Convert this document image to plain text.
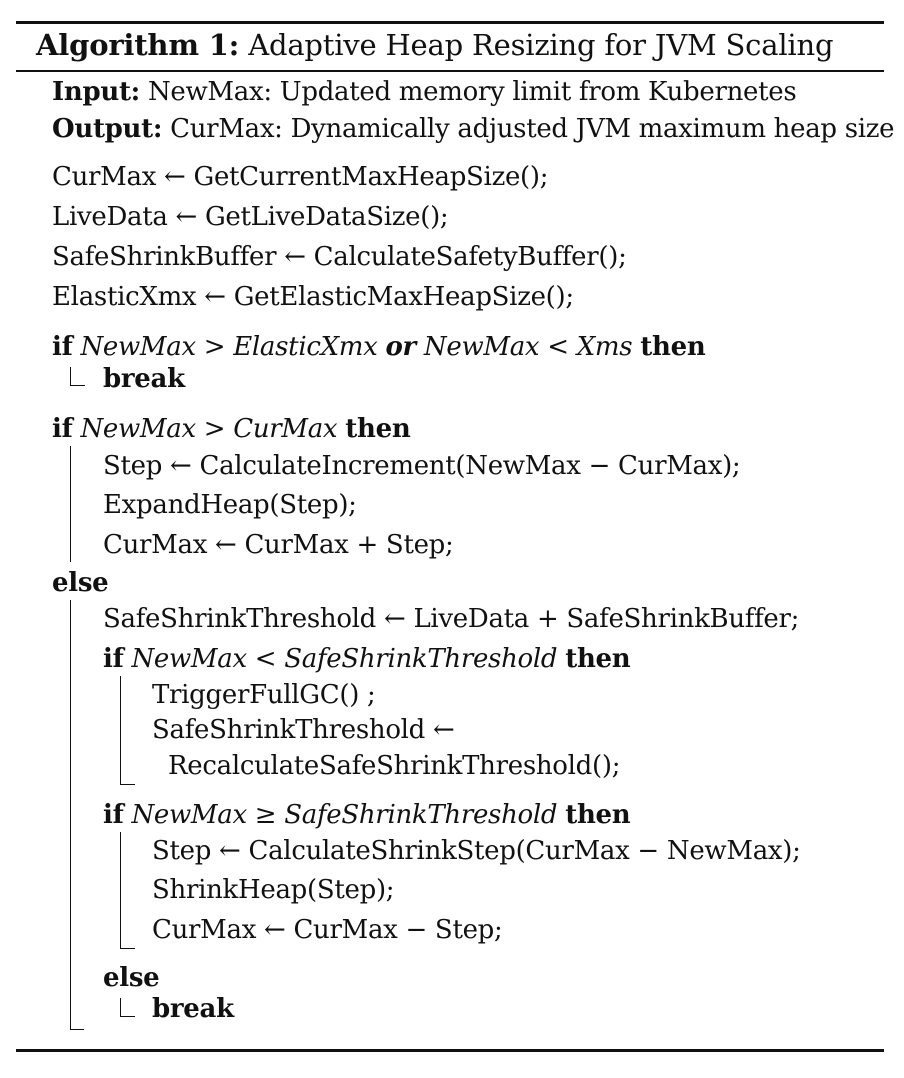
Algorithm 1: Adaptive Heap Resizing for JVM Scaling
Input: NewMax: Updated memory limit from Kubernetes
Output: CurMax: Dynamically adjusted JVM maximum heap size
CurMax ← GetCurrentMaxHeapSize();
LiveData ← GetLiveDataSize();
SafeShrinkBuffer ← CalculateSafetyBuffer();
ElasticXmx ← GetElasticMaxHeapSize();
if NewMax > ElasticXmx or NewMax < Xms then
break
if NewMax > CurMax then
Step ← CalculateIncrement(NewMax − CurMax);
ExpandHeap(Step);
CurMax ← CurMax + Step;
else
SafeShrinkThreshold ← LiveData + SafeShrinkBuffer;
if NewMax < SafeShrinkThreshold then
TriggerFullGC() ;
SafeShrinkThreshold ←
RecalculateSafeShrinkThreshold();
if NewMax ≥ SafeShrinkThreshold then
Step ← CalculateShrinkStep(CurMax − NewMax);
ShrinkHeap(Step);
CurMax ← CurMax − Step;
else
break
